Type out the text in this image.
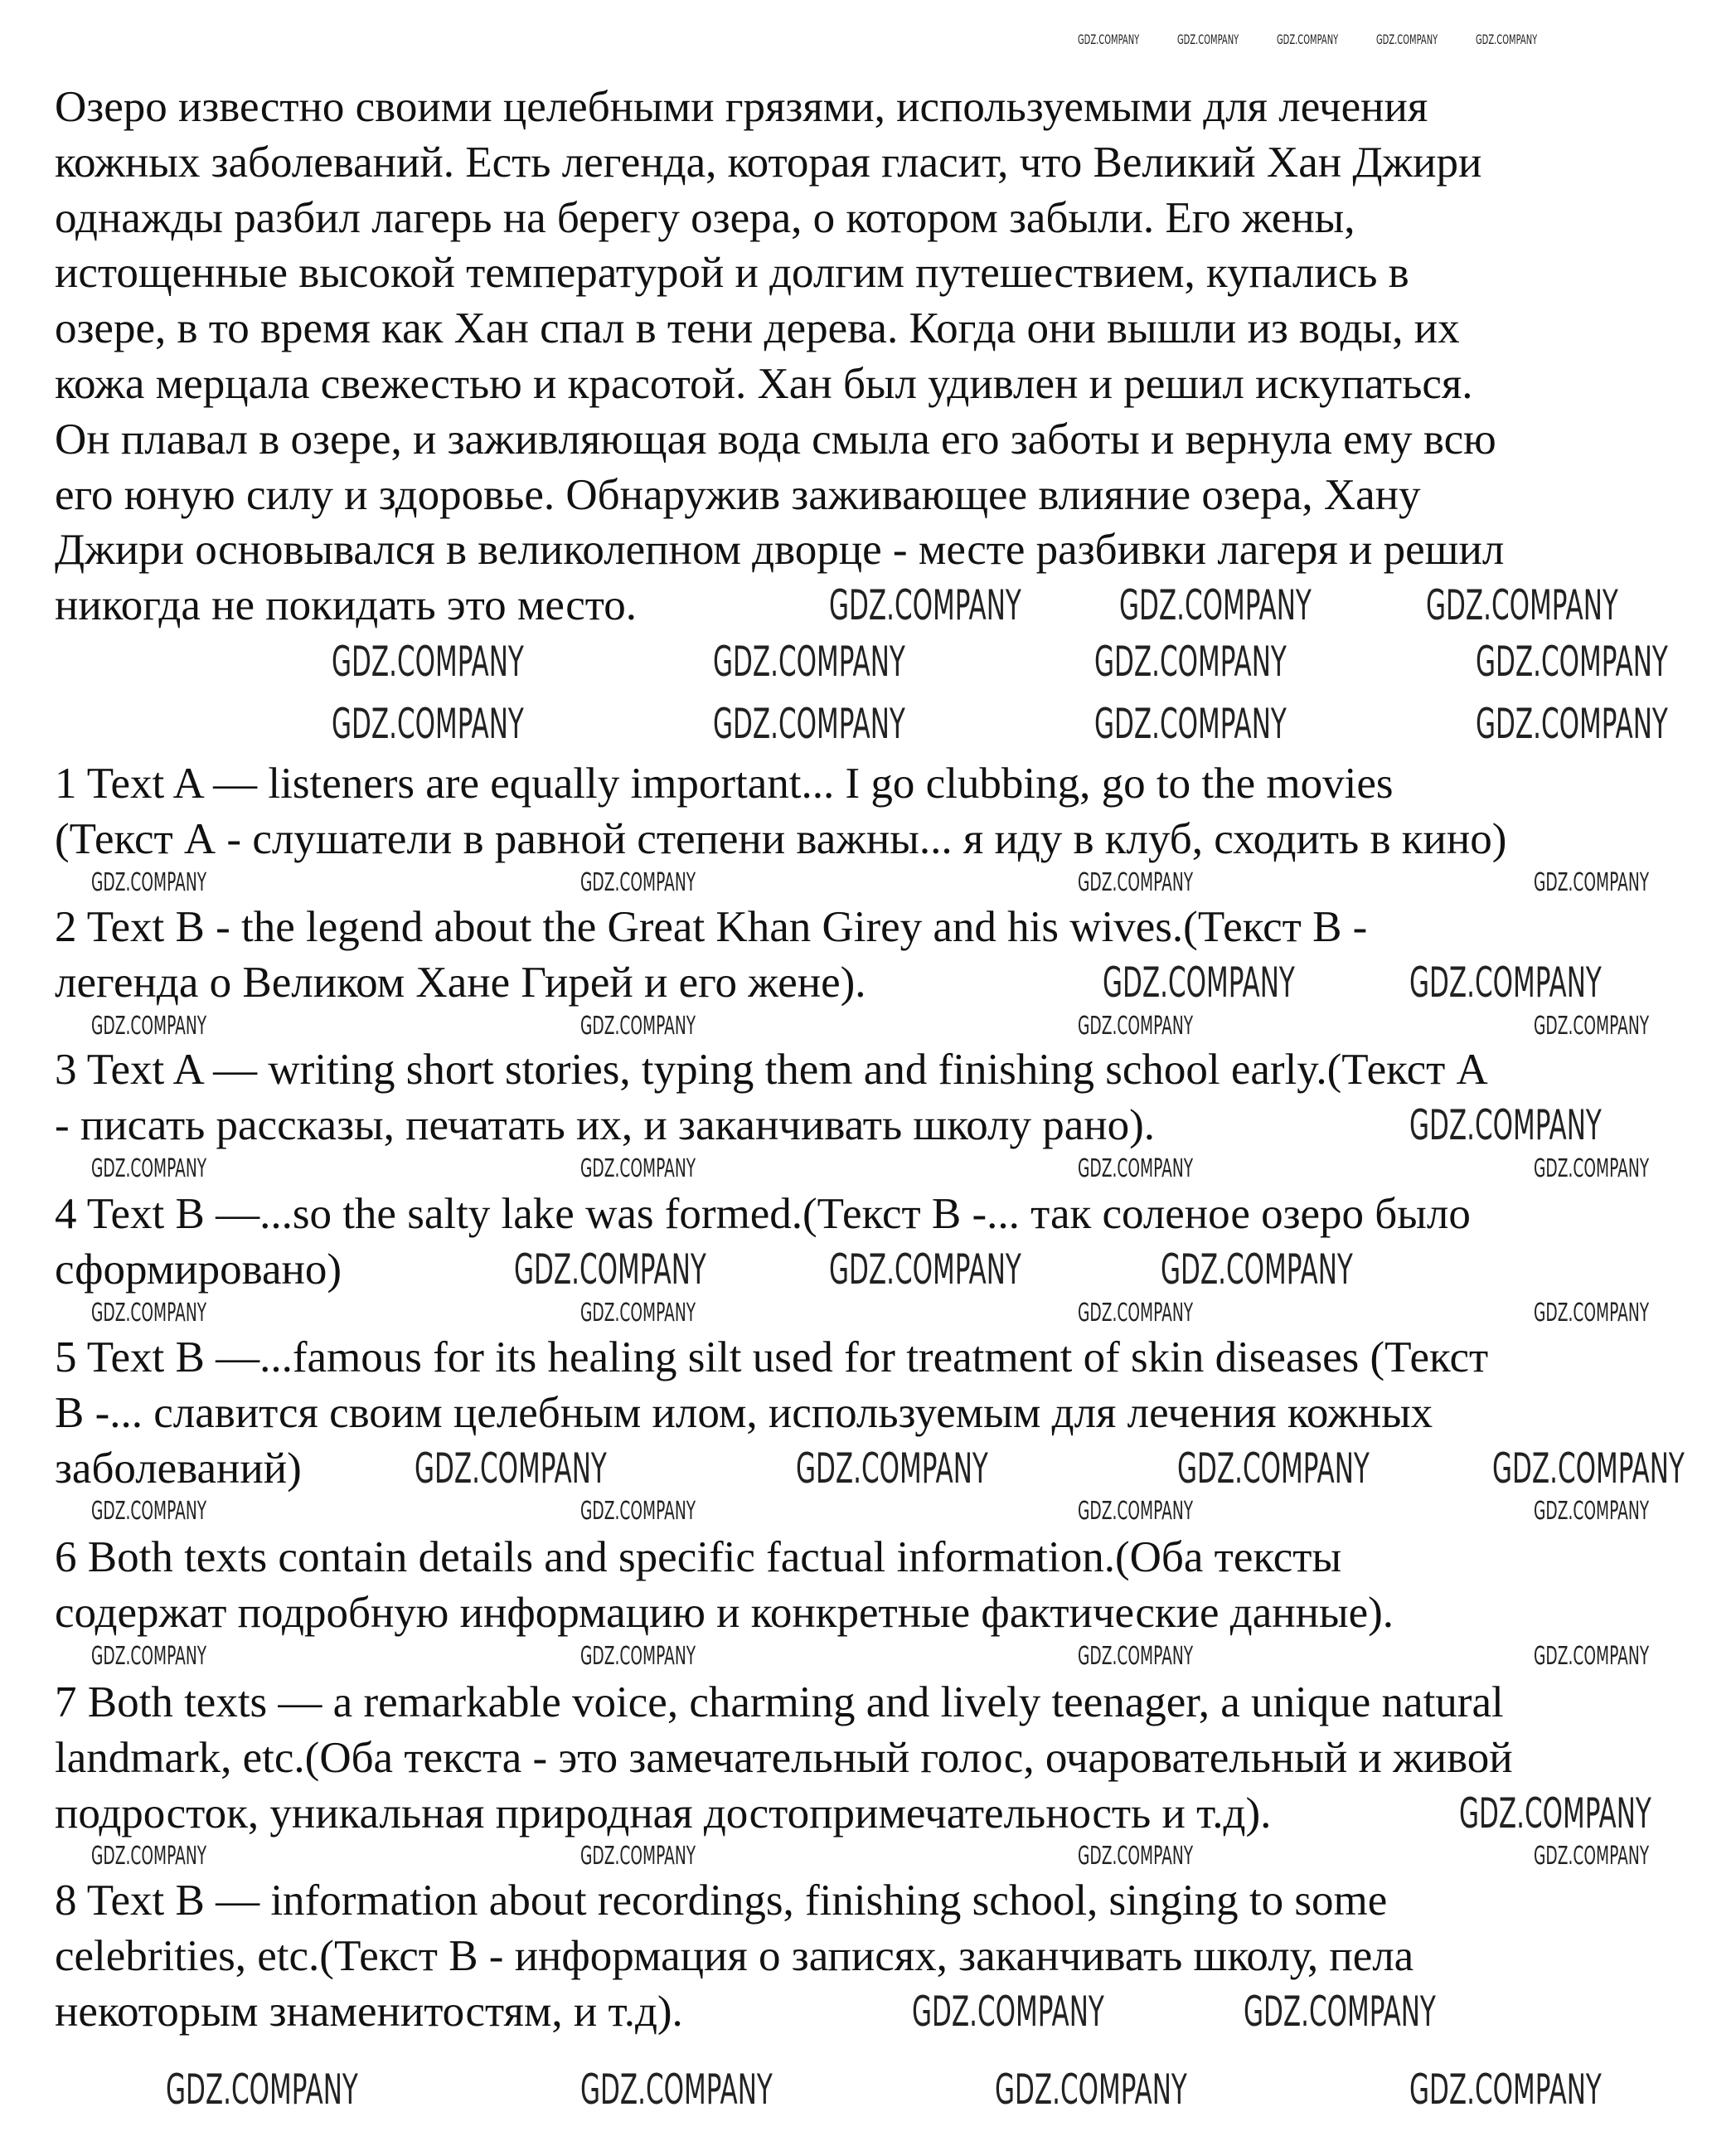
Озеро известно своими целебными грязями, используемыми для лечения
кожных заболеваний. Есть легенда, которая гласит, что Великий Хан Джири
однажды разбил лагерь на берегу озера, о котором забыли. Его жены,
истощенные высокой температурой и долгим путешествием, купались в
озере, в то время как Хан спал в тени дерева. Когда они вышли из воды, их
кожа мерцала свежестью и красотой. Хан был удивлен и решил искупаться.
Он плавал в озере, и заживляющая вода смыла его заботы и вернула ему всю
его юную силу и здоровье. Обнаружив заживающее влияние озера, Хану
Джири основывался в великолепном дворце - месте разбивки лагеря и решил
никогда не покидать это место.
1 Text A — listeners are equally important... I go clubbing, go to the movies
(Текст А - слушатели в равной степени важны... я иду в клуб, сходить в кино)
2 Text B - the legend about the Great Khan Girey and his wives.(Текст В -
легенда о Великом Хане Гирей и его жене).
3 Text A — writing short stories, typing them and finishing school early.(Текст А
- писать рассказы, печатать их, и заканчивать школу рано).
4 Text B —...so the salty lake was formed.(Текст В -... так соленое озеро было
сформировано)
5 Text B —...famous for its healing silt used for treatment of skin diseases (Текст
В -... славится своим целебным илом, используемым для лечения кожных
заболеваний)
6 Both texts contain details and specific factual information.(Оба тексты
содержат подробную информацию и конкретные фактические данные).
7 Both texts — a remarkable voice, charming and lively teenager, a unique natural
landmark, etc.(Оба текста - это замечательный голос, очаровательный и живой
подросток, уникальная природная достопримечательность и т.д).
8 Text B — information about recordings, finishing school, singing to some
celebrities, etc.(Текст В - информация о записях, заканчивать школу, пела
некоторым знаменитостям, и т.д).
GDZ.COMPANY	GDZ.COMPANY	GDZ.COMPANY	GDZ.COMPANY	GDZ.COMPANY
GDZ.COMPANY GDZ.COMPANY	GDZ.COMPANY
GDZ.COMPANY
GDZ.COMPANY
GDZ.COMPANY
GDZ.COMPANY
GDZ.COMPANY
GDZ.COMPANY
GDZ.COMPANY
GDZ.COMPANY
GDZ.COMPANY	GDZ.COMPANY	GDZ.COMPANY	GDZ.COMPANY
GDZ.COMPANY	GDZ.COMPANY	GDZ.COMPANY	GDZ.COMPANY
GDZ.COMPANY	GDZ.COMPANY	GDZ.COMPANY	GDZ.COMPANY
GDZ.COMPANY	GDZ.COMPANY	GDZ.COMPANY	GDZ.COMPANY
GDZ.COMPANY	GDZ.COMPANY	GDZ.COMPANY	GDZ.COMPANY
GDZ.COMPANY	GDZ.COMPANY	GDZ.COMPANY	GDZ.COMPANY
GDZ.COMPANY	GDZ.COMPANY	GDZ.COMPANY	GDZ.COMPANY
GDZ.COMPANY	GDZ.COMPANY
GDZ.COMPANY
GDZ.COMPANY	GDZ.COMPANY	GDZ.COMPANY
GDZ.COMPANY	GDZ.COMPANY	GDZ.COMPANY	GDZ.COMPANY
GDZ.COMPANY
GDZ.COMPANY	GDZ.COMPANY
GDZ.COMPANY	GDZ.COMPANY	GDZ.COMPANY	GDZ.COMPANY
